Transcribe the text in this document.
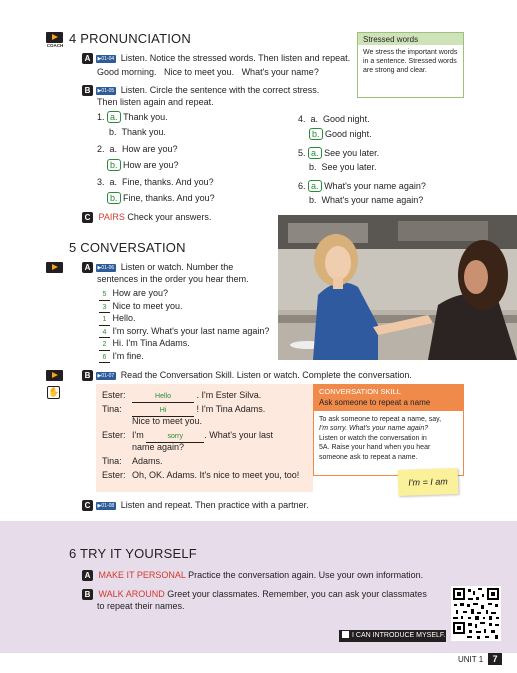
COACH 4 PRONUNCIATION
A ▶01-04 Listen. Notice the stressed words. Then listen and repeat.
Good morning.   Nice to meet you.   What's your name?
B ▶01-05 Listen. Circle the sentence with the correct stress.
Then listen again and repeat.
1. a. Thank you.
b.  Thank you.
2.  a.  How are you?
b. How are you?
3.  a.  Fine, thanks. And you?
b. Fine, thanks. And you?
4.  a.  Good night.
b. Good night.
5. a. See you later.
b.  See you later.
6. a. What's your name again?
b.  What's your name again?
C PAIRS Check your answers.
Stressed words
We stress the important words in a sentence. Stressed words are strong and clear.
5 CONVERSATION
A ▶01-06 Listen or watch. Number the
sentences in the order you hear them.
5 How are you?
3 Nice to meet you.
1 Hello.
4 I'm sorry. What's your last name again?
2 Hi. I'm Tina Adams.
6 I'm fine.
✋
B ▶01-07 Read the Conversation Skill. Listen or watch. Complete the conversation.
Ester:	Hello	. I'm Ester Silva.
Tina:	Hi	! I'm Tina Adams.
Nice to meet you.
Ester: I'm	sorry . What's your last
name again?
Tina: Adams.
Ester: Oh, OK. Adams. It's nice to meet you, too!
CONVERSATION SKILL
Ask someone to repeat a name
To ask someone to repeat a name, say,
I'm sorry. What's your name again?
Listen or watch the conversation in
5A. Raise your hand when you hear
someone ask to repeat a name.
I'm = I am
C ▶01-08 Listen and repeat. Then practice with a partner.
6 TRY IT YOURSELF
A MAKE IT PERSONAL Practice the conversation again. Use your own information.
B WALK AROUND Greet your classmates. Remember, you can ask your classmates
to repeat their names.
I CAN INTRODUCE MYSELF.
UNIT 1	7
